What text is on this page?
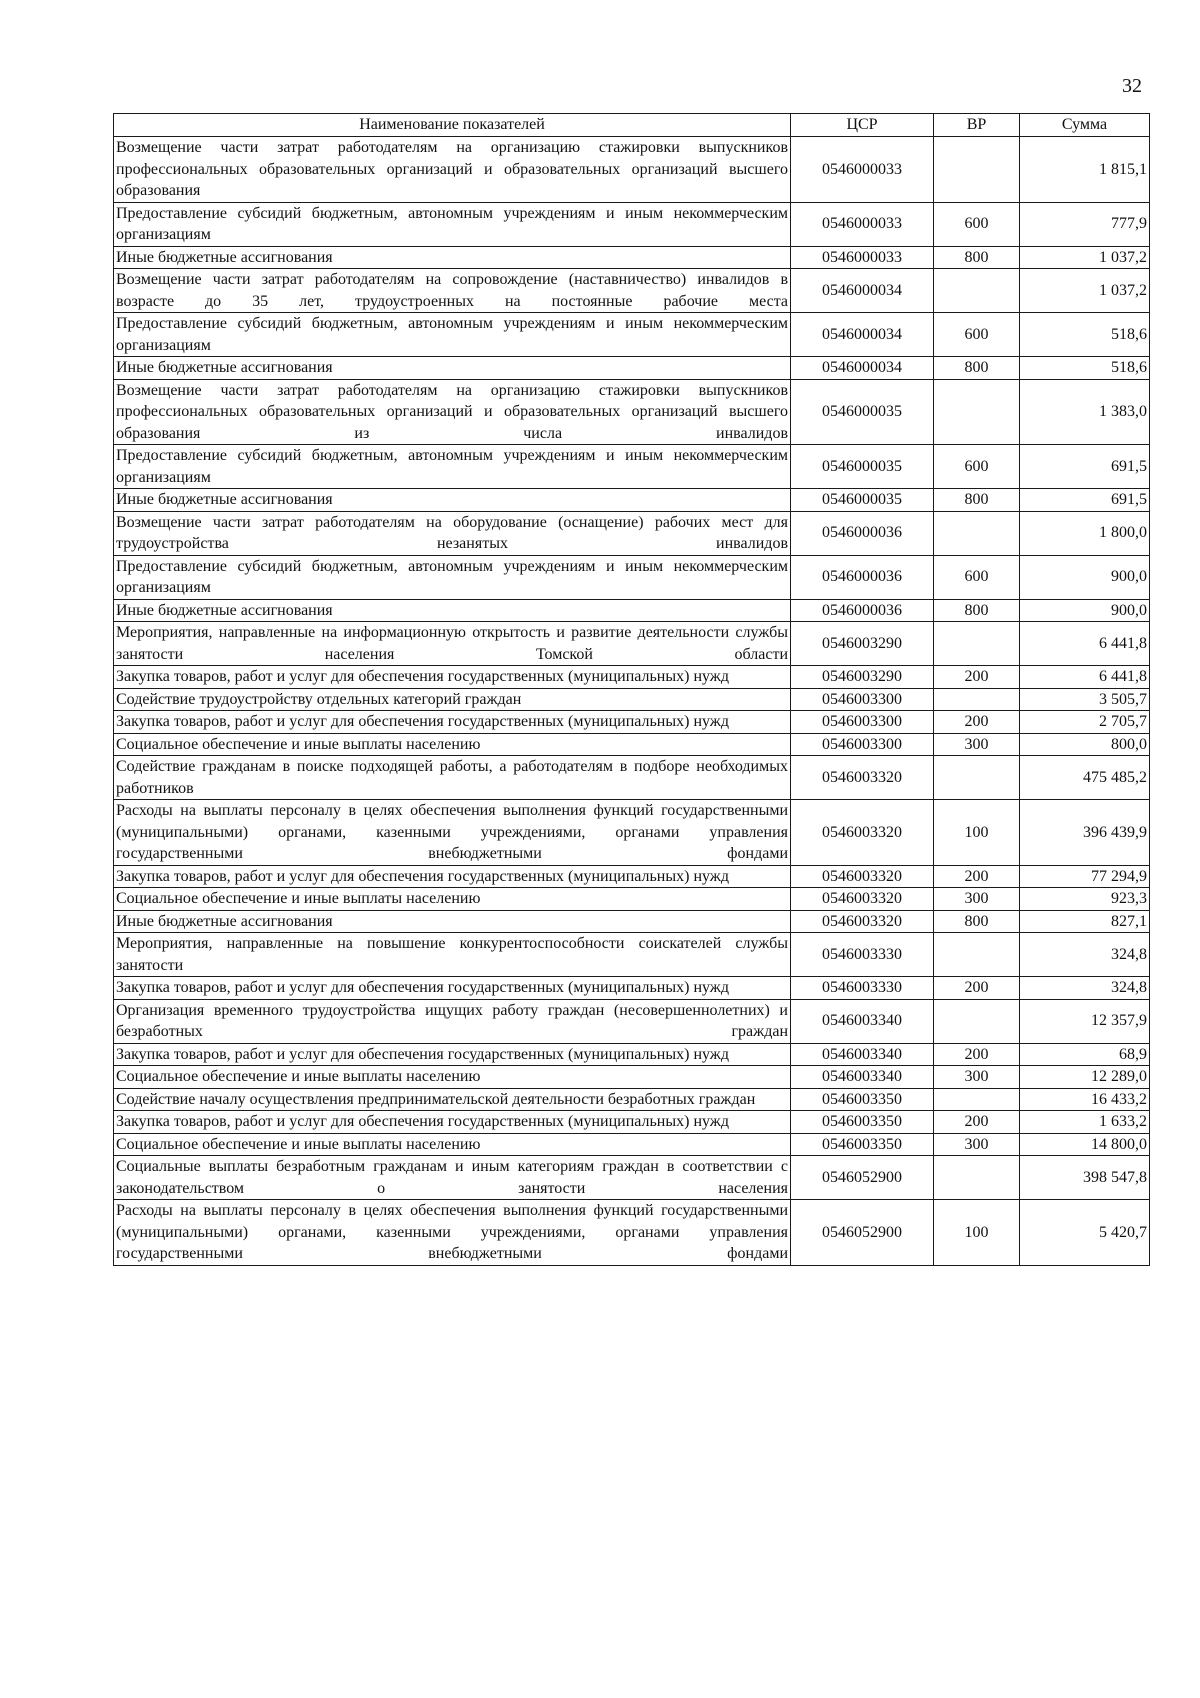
32
Наименование показателей	ЦСР	ВР	Сумма
Возмещение части затрат работодателям на организацию стажировки выпускников профессиональных образовательных организаций и образовательных организаций высшего образования	0546000033		1 815,1
Предоставление субсидий бюджетным, автономным учреждениям и иным некоммерческим организациям	0546000033	600	777,9
Иные бюджетные ассигнования	0546000033	800	1 037,2
Возмещение части затрат работодателям на сопровождение (наставничество) инвалидов в возрасте до 35 лет, трудоустроенных на постоянные рабочие места	0546000034		1 037,2
Предоставление субсидий бюджетным, автономным учреждениям и иным некоммерческим организациям	0546000034	600	518,6
Иные бюджетные ассигнования	0546000034	800	518,6
Возмещение части затрат работодателям на организацию стажировки выпускников профессиональных образовательных организаций и образовательных организаций высшего образования из числа инвалидов	0546000035		1 383,0
Предоставление субсидий бюджетным, автономным учреждениям и иным некоммерческим организациям	0546000035	600	691,5
Иные бюджетные ассигнования	0546000035	800	691,5
Возмещение части затрат работодателям на оборудование (оснащение) рабочих мест для трудоустройства незанятых инвалидов	0546000036		1 800,0
Предоставление субсидий бюджетным, автономным учреждениям и иным некоммерческим организациям	0546000036	600	900,0
Иные бюджетные ассигнования	0546000036	800	900,0
Мероприятия, направленные на информационную открытость и развитие деятельности службы занятости населения Томской области	0546003290		6 441,8
Закупка товаров, работ и услуг для обеспечения государственных (муниципальных) нужд	0546003290	200	6 441,8
Содействие трудоустройству отдельных категорий граждан	0546003300		3 505,7
Закупка товаров, работ и услуг для обеспечения государственных (муниципальных) нужд	0546003300	200	2 705,7
Социальное обеспечение и иные выплаты населению	0546003300	300	800,0
Содействие гражданам в поиске подходящей работы, а работодателям в подборе необходимых работников	0546003320		475 485,2
Расходы на выплаты персоналу в целях обеспечения выполнения функций государственными (муниципальными) органами, казенными учреждениями, органами управления государственными внебюджетными фондами	0546003320	100	396 439,9
Закупка товаров, работ и услуг для обеспечения государственных (муниципальных) нужд	0546003320	200	77 294,9
Социальное обеспечение и иные выплаты населению	0546003320	300	923,3
Иные бюджетные ассигнования	0546003320	800	827,1
Мероприятия, направленные на повышение конкурентоспособности соискателей службы занятости	0546003330		324,8
Закупка товаров, работ и услуг для обеспечения государственных (муниципальных) нужд	0546003330	200	324,8
Организация временного трудоустройства ищущих работу граждан (несовершеннолетних) и безработных граждан	0546003340		12 357,9
Закупка товаров, работ и услуг для обеспечения государственных (муниципальных) нужд	0546003340	200	68,9
Социальное обеспечение и иные выплаты населению	0546003340	300	12 289,0
Содействие началу осуществления предпринимательской деятельности безработных граждан	0546003350		16 433,2
Закупка товаров, работ и услуг для обеспечения государственных (муниципальных) нужд	0546003350	200	1 633,2
Социальное обеспечение и иные выплаты населению	0546003350	300	14 800,0
Социальные выплаты безработным гражданам и иным категориям граждан в соответствии с законодательством о занятости населения	0546052900		398 547,8
Расходы на выплаты персоналу в целях обеспечения выполнения функций государственными (муниципальными) органами, казенными учреждениями, органами управления государственными внебюджетными фондами	0546052900	100	5 420,7
